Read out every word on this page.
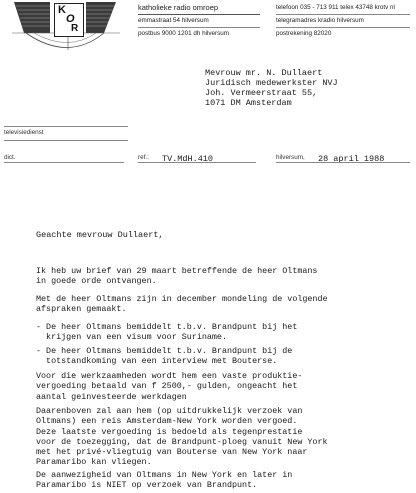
K
O
R
katholieke radio omroep
emmastraat 54 hilversum
postbus 9000 1201 dh hilversum
telefoon 035 - 713 911 telex 43748 krotv nl
telegramadres kradio hilversum
postrekening 82020
Mevrouw mr. N. Dullaert
Juridisch medewerkster NVJ
Joh. Vermeerstraat 55,
1071 DM Amsterdam
televisiedienst
dict.	ref.: TV.MdH.410	hilversum, 28 april 1988
Geachte mevrouw Dullaert,
Ik heb uw brief van 29 maart betreffende de heer Oltmans
in goede orde ontvangen.
Met de heer Oltmans zijn in december mondeling de volgende
afspraken gemaakt.
- De heer Oltmans bemiddelt t.b.v. Brandpunt bij het
krijgen van een visum voor Suriname.
- De heer Oltmans bemiddelt t.b.v. Brandpunt bij de
totstandkoming van een interview met Bouterse.
Voor die werkzaamheden wordt hem een vaste produktie-
vergoeding betaald van f 2500,- gulden, ongeacht het
aantal geinvesteerde werkdagen
Daarenboven zal aan hem (op uitdrukkelijk verzoek van
Oltmans) een reis Amsterdam-New York worden vergoed.
Deze laatste vergoeding is bedoeld als tegenprestatie
voor de toezegging, dat de Brandpunt-ploeg vanuit New York
met het privé-vliegtuig van Bouterse van New York naar
Paramaribo kan vliegen.
De aanwezigheid van Oltmans in New York en later in
Paramaribo is NIET op verzoek van Brandpunt.
